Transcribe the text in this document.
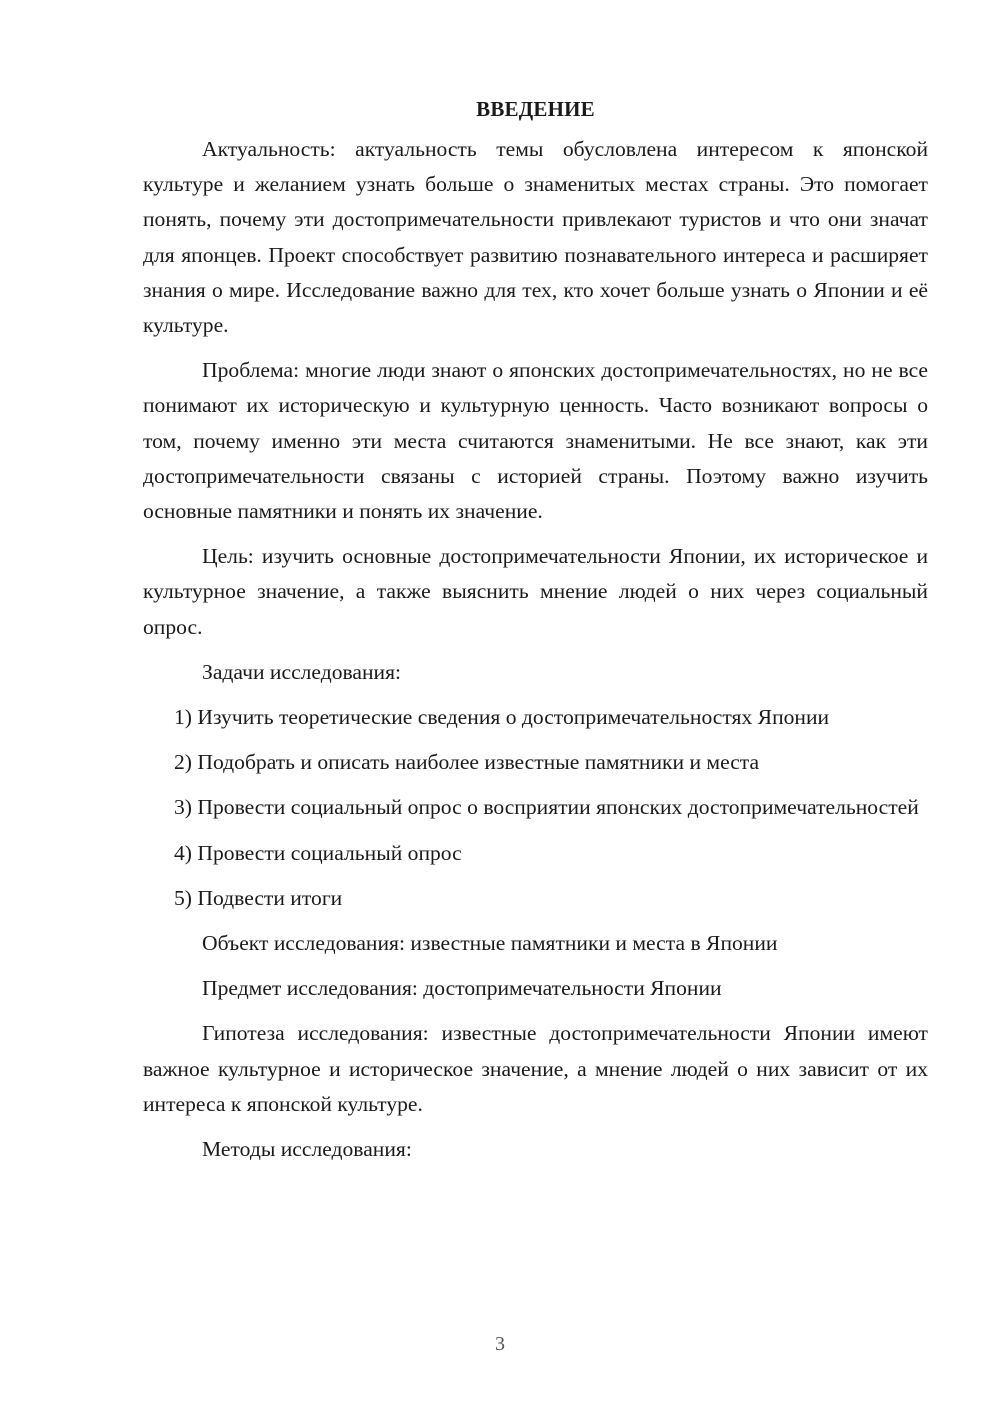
ВВЕДЕНИЕ

Актуальность: актуальность темы обусловлена интересом к японской культуре и желанием узнать больше о знаменитых местах страны. Это помогает понять, почему эти достопримечательности привлекают туристов и что они значат для японцев. Проект способствует развитию познавательного интереса и расширяет знания о мире. Исследование важно для тех, кто хочет больше узнать о Японии и её культуре.

Проблема: многие люди знают о японских достопримечательностях, но не все понимают их историческую и культурную ценность. Часто возникают вопросы о том, почему именно эти места считаются знаменитыми. Не все знают, как эти достопримечательности связаны с историей страны. Поэтому важно изучить основные памятники и понять их значение.

Цель: изучить основные достопримечательности Японии, их историческое и культурное значение, а также выяснить мнение людей о них через социальный опрос.

Задачи исследования:

1) Изучить теоретические сведения о достопримечательностях Японии

2) Подобрать и описать наиболее известные памятники и места

3) Провести социальный опрос о восприятии японских достопримечательностей

4) Провести социальный опрос

5) Подвести итоги

Объект исследования: известные памятники и места в Японии

Предмет исследования: достопримечательности Японии

Гипотеза исследования: известные достопримечательности Японии имеют важное культурное и историческое значение, а мнение людей о них зависит от их интереса к японской культуре.

Методы исследования:

3
